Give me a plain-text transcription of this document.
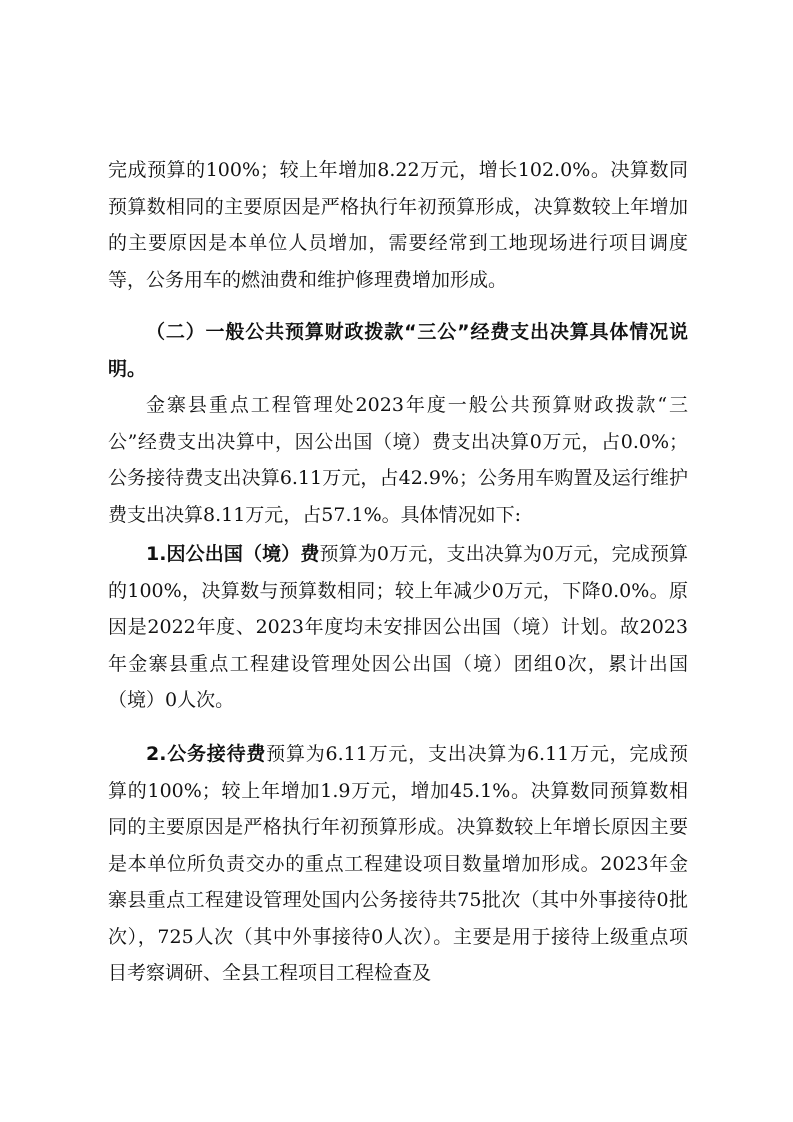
完成预算的100%；较上年增加8.22万元，增长102.0%。决算数同预算数相同的主要原因是严格执行年初预算形成，决算数较上年增加的主要原因是本单位人员增加，需要经常到工地现场进行项目调度等，公务用车的燃油费和维护修理费增加形成。

（二）一般公共预算财政拨款“三公”经费支出决算具体情况说明。

金寨县重点工程管理处2023年度一般公共预算财政拨款“三公”经费支出决算中，因公出国（境）费支出决算0万元，占0.0%；公务接待费支出决算6.11万元，占42.9%；公务用车购置及运行维护费支出决算8.11万元，占57.1%。具体情况如下:

1.因公出国（境）费预算为0万元，支出决算为0万元，完成预算的100%，决算数与预算数相同；较上年减少0万元，下降0.0%。原因是2022年度、2023年度均未安排因公出国（境）计划。故2023年金寨县重点工程建设管理处因公出国（境）团组0次，累计出国（境）0人次。

2.公务接待费预算为6.11万元，支出决算为6.11万元，完成预算的100%；较上年增加1.9万元，增加45.1%。决算数同预算数相同的主要原因是严格执行年初预算形成。决算数较上年增长原因主要是本单位所负责交办的重点工程建设项目数量增加形成。2023年金寨县重点工程建设管理处国内公务接待共75批次（其中外事接待0批次），725人次（其中外事接待0人次）。主要是用于接待上级重点项目考察调研、全县工程项目工程检查及
